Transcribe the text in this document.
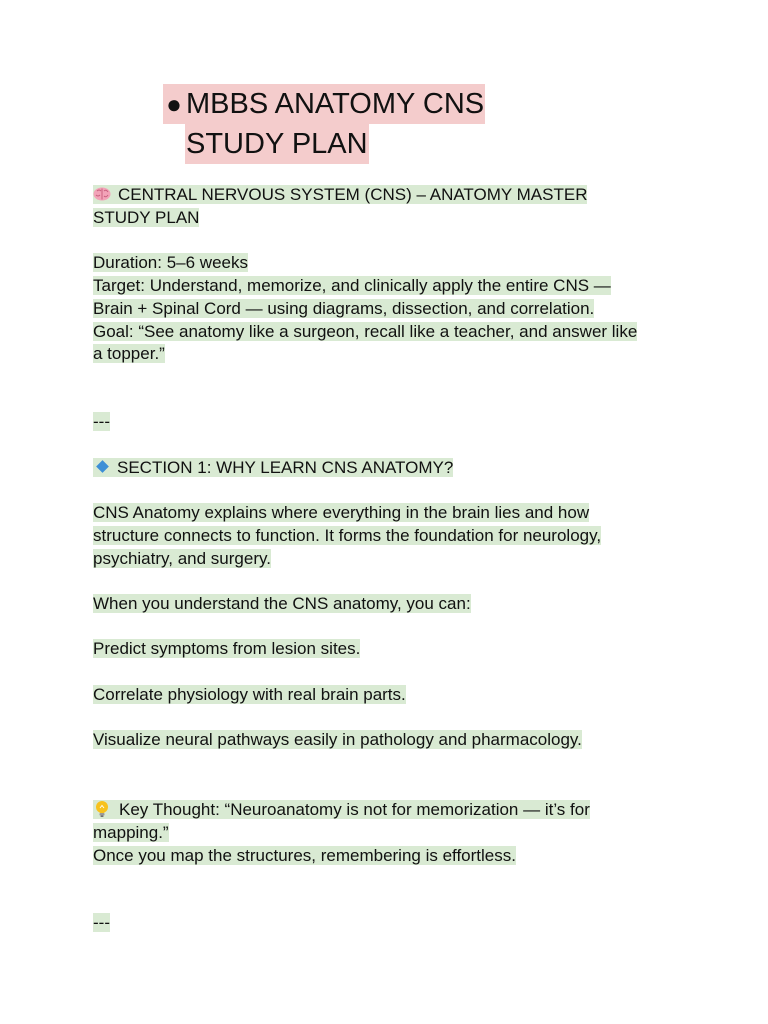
● MBBS ANATOMY CNS
STUDY PLAN

CENTRAL NERVOUS SYSTEM (CNS) – ANATOMY MASTER
STUDY PLAN

Duration: 5–6 weeks
Target: Understand, memorize, and clinically apply the entire CNS —
Brain + Spinal Cord — using diagrams, dissection, and correlation.
Goal: “See anatomy like a surgeon, recall like a teacher, and answer like
a topper.”

---

SECTION 1: WHY LEARN CNS ANATOMY?

CNS Anatomy explains where everything in the brain lies and how
structure connects to function. It forms the foundation for neurology,
psychiatry, and surgery.

When you understand the CNS anatomy, you can:

Predict symptoms from lesion sites.

Correlate physiology with real brain parts.

Visualize neural pathways easily in pathology and pharmacology.

Key Thought: “Neuroanatomy is not for memorization — it’s for
mapping.”
Once you map the structures, remembering is effortless.

---
